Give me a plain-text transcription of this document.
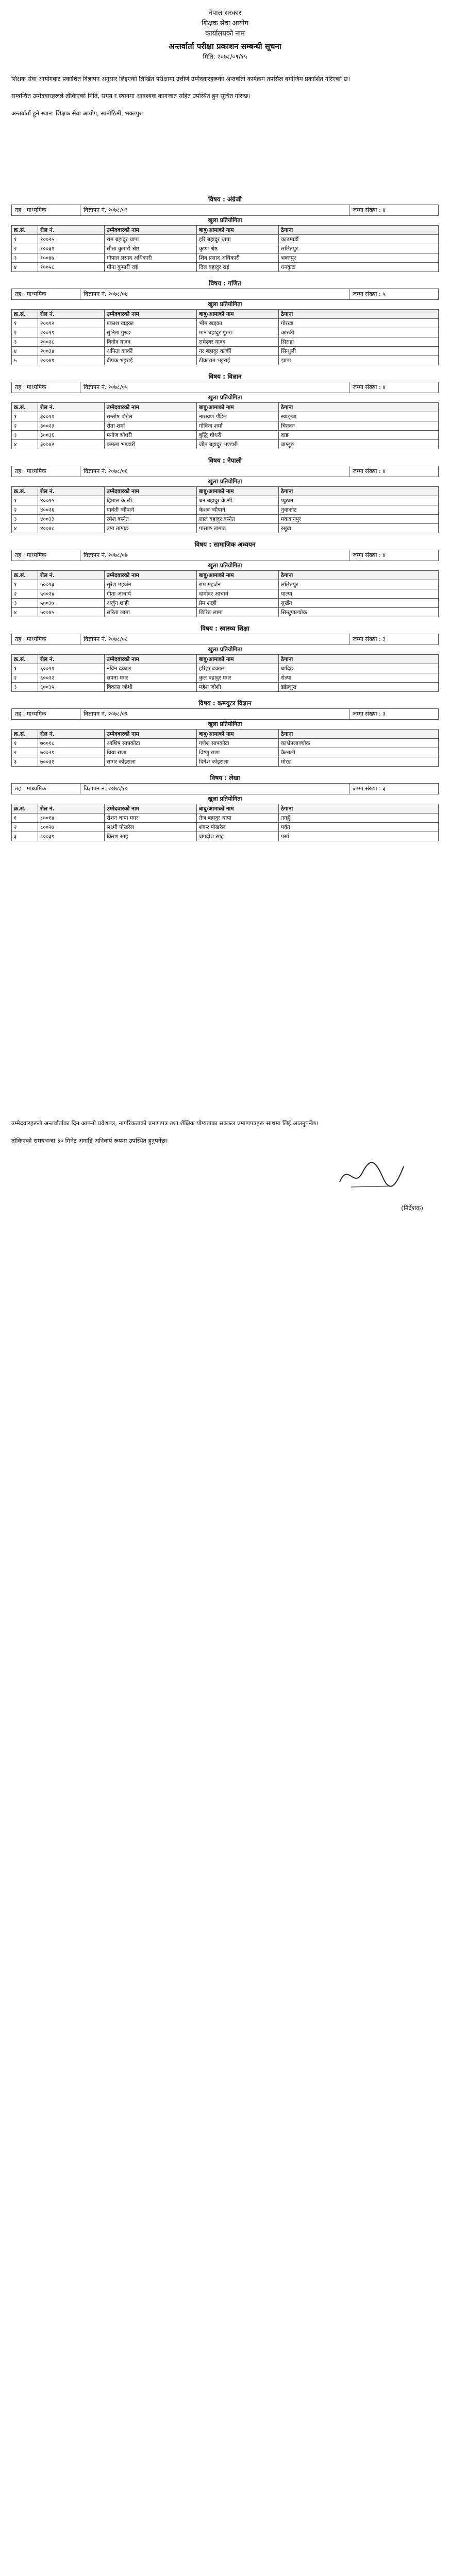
नेपाल सरकार
शिक्षक सेवा आयोग
कार्यालयको नाम
अन्तर्वार्ता परीक्षा प्रकाशन सम्बन्धी सूचना
मिति: २०७८/०९/१५

शिक्षक सेवा आयोगबाट प्रकाशित विज्ञापन अनुसार लिइएको लिखित परीक्षामा उत्तीर्ण उम्मेदवारहरूको अन्तर्वार्ता कार्यक्रम तपसिल बमोजिम प्रकाशित गरिएको छ।

सम्बन्धित उम्मेदवारहरूले तोकिएको मिति, समय र स्थानमा आवश्यक कागजात सहित उपस्थित हुन सूचित गरिन्छ।

अन्तर्वार्ता हुने स्थान: शिक्षक सेवा आयोग, सानोठिमी, भक्तपुर।

विषय : अंग्रेजी
तह : माध्यमिक	विज्ञापन नं. २०७८/०३	जम्मा संख्या : ४
खुला प्रतियोगिता
क्र.सं.	रोल नं.	उम्मेदवारको नाम	बाबु/आमाको नाम	ठेगाना
१	१००२५	राम बहादुर थापा	हरि बहादुर थापा	काठमाडौं
२	१००३१	सीता कुमारी श्रेष्ठ	कृष्ण श्रेष्ठ	ललितपुर
३	१००४७	गोपाल प्रसाद अधिकारी	शिव प्रसाद अधिकारी	भक्तपुर
४	१००५८	मीना कुमारी राई	दिल बहादुर राई	धनकुटा
विषय : गणित
तह : माध्यमिक	विज्ञापन नं. २०७८/०४	जम्मा संख्या : ५
खुला प्रतियोगिता
क्र.सं.	रोल नं.	उम्मेदवारको नाम	बाबु/आमाको नाम	ठेगाना
१	२००१२	प्रकाश खड्का	भीम खड्का	गोरखा
२	२००१९	सुनिता गुरुङ	मान बहादुर गुरुङ	कास्की
३	२००२८	विनोद यादव	रामेश्वर यादव	सिराहा
४	२००३४	अनिता कार्की	नर बहादुर कार्की	सिन्धुली
५	२००४१	दीपक भट्टराई	टीकाराम भट्टराई	झापा
विषय : विज्ञान
तह : माध्यमिक	विज्ञापन नं. २०७८/०५	जम्मा संख्या : ४
खुला प्रतियोगिता
क्र.सं.	रोल नं.	उम्मेदवारको नाम	बाबु/आमाको नाम	ठेगाना
१	३००११	सन्तोष पौडेल	नारायण पौडेल	स्याङ्जा
२	३००२३	रीता शर्मा	गोविन्द शर्मा	चितवन
३	३००३६	मनोज चौधरी	बुद्धि चौधरी	दाङ
४	३००४२	कमला भण्डारी	जीत बहादुर भण्डारी	बाग्लुङ
विषय : नेपाली
तह : माध्यमिक	विज्ञापन नं. २०७८/०६	जम्मा संख्या : ४
खुला प्रतियोगिता
क्र.सं.	रोल नं.	उम्मेदवारको नाम	बाबु/आमाको नाम	ठेगाना
१	४००१५	हिमाल के.सी.	धन बहादुर के.सी.	प्युठान
२	४००२६	पार्वती न्यौपाने	केशव न्यौपाने	नुवाकोट
३	४००३३	रमेश बस्नेत	लाल बहादुर बस्नेत	मकवानपुर
४	४००४८	उषा तामाङ	पासाङ तामाङ	रसुवा
विषय : सामाजिक अध्ययन
तह : माध्यमिक	विज्ञापन नं. २०७८/०७	जम्मा संख्या : ४
खुला प्रतियोगिता
क्र.सं.	रोल नं.	उम्मेदवारको नाम	बाबु/आमाको नाम	ठेगाना
१	५००१३	सुरेश महर्जन	राम महर्जन	ललितपुर
२	५००२४	गीता आचार्य	दामोदर आचार्य	पाल्पा
३	५००३७	अर्जुन शाही	प्रेम शाही	सुर्खेत
४	५००४५	सरिता लामा	छिरिङ लामा	सिन्धुपाल्चोक
विषय : स्वास्थ्य शिक्षा
तह : माध्यमिक	विज्ञापन नं. २०७८/०८	जम्मा संख्या : ३
खुला प्रतियोगिता
क्र.सं.	रोल नं.	उम्मेदवारको नाम	बाबु/आमाको नाम	ठेगाना
१	६००११	नविन ढकाल	हरिहर ढकाल	धादिङ
२	६००२२	सपना मगर	कुल बहादुर मगर	रोल्पा
३	६००३५	विकास जोशी	महेश जोशी	डडेल्धुरा
विषय : कम्प्युटर विज्ञान
तह : माध्यमिक	विज्ञापन नं. २०७८/०९	जम्मा संख्या : ३
खुला प्रतियोगिता
क्र.सं.	रोल नं.	उम्मेदवारको नाम	बाबु/आमाको नाम	ठेगाना
१	७००१८	आशिष सापकोटा	गणेश सापकोटा	काभ्रेपलाञ्चोक
२	७००२९	प्रिया राणा	विष्णु राणा	कैलाली
३	७००३१	सागर कोइराला	दिनेश कोइराला	मोरङ
विषय : लेखा
तह : माध्यमिक	विज्ञापन नं. २०७८/१०	जम्मा संख्या : ३
खुला प्रतियोगिता
क्र.सं.	रोल नं.	उम्मेदवारको नाम	बाबु/आमाको नाम	ठेगाना
१	८००१४	रोशन थापा मगर	तेज बहादुर थापा	तनहुँ
२	८००२७	लक्ष्मी पोखरेल	शंकर पोखरेल	पर्वत
३	८००३९	किरण साह	जगदीश साह	पर्सा

उम्मेदवारहरूले अन्तर्वार्ताका दिन आफ्नो प्रवेशपत्र, नागरिकताको प्रमाणपत्र तथा शैक्षिक योग्यताका सक्कल प्रमाणपत्रहरू साथमा लिई आउनुपर्नेछ।

तोकिएको समयभन्दा ३० मिनेट अगाडि अनिवार्य रूपमा उपस्थित हुनुपर्नेछ।

(निर्देशक)
